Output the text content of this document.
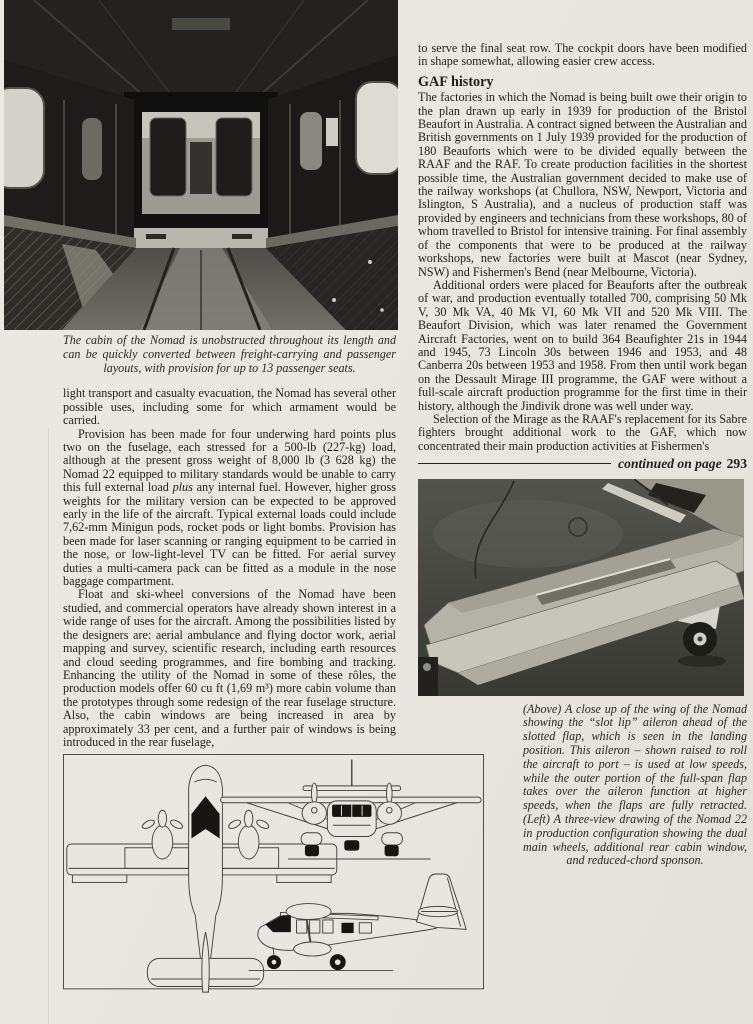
The cabin of the Nomad is unobstructed throughout its length and can be quickly converted between freight-carrying and passenger layouts, with provision for up to 13 passenger seats.

light transport and casualty evacuation, the Nomad has several other possible uses, including some for which armament would be carried.

Provision has been made for four underwing hard points plus two on the fuselage, each stressed for a 500-lb (227-kg) load, although at the present gross weight of 8,000 lb (3 628 kg) the Nomad 22 equipped to military standards would be unable to carry this full external load plus any internal fuel. However, higher gross weights for the military version can be expected to be approved early in the life of the aircraft. Typical external loads could include 7,62-mm Minigun pods, rocket pods or light bombs. Provision has been made for laser scanning or ranging equipment to be carried in the nose, or low-light-level TV can be fitted. For aerial survey duties a multi-camera pack can be fitted as a module in the nose baggage compartment.

Float and ski-wheel conversions of the Nomad have been studied, and commercial operators have already shown interest in a wide range of uses for the aircraft. Among the possibilities listed by the designers are: aerial ambulance and flying doctor work, aerial mapping and survey, scientific research, including earth resources and cloud seeding programmes, and fire bombing and tracking. Enhancing the utility of the Nomad in some of these rôles, the production models offer 60 cu ft (1,69 m³) more cabin volume than the prototypes through some redesign of the rear fuselage structure. Also, the cabin windows are being increased in area by approximately 33 per cent, and a further pair of windows is being introduced in the rear fuselage,

to serve the final seat row. The cockpit doors have been modified in shape somewhat, allowing easier crew access.

GAF history

The factories in which the Nomad is being built owe their origin to the plan drawn up early in 1939 for production of the Bristol Beaufort in Australia. A contract signed between the Australian and British governments on 1 July 1939 provided for the production of 180 Beauforts which were to be divided equally between the RAAF and the RAF. To create production facilities in the shortest possible time, the Australian government decided to make use of the railway workshops (at Chullora, NSW, Newport, Victoria and Islington, S Australia), and a nucleus of production staff was provided by engineers and technicians from these workshops, 80 of whom travelled to Bristol for intensive training. For final assembly of the components that were to be produced at the railway workshops, new factories were built at Mascot (near Sydney, NSW) and Fishermen's Bend (near Melbourne, Victoria).

Additional orders were placed for Beauforts after the outbreak of war, and production eventually totalled 700, comprising 50 Mk V, 30 Mk VA, 40 Mk VI, 60 Mk VII and 520 Mk VIII. The Beaufort Division, which was later renamed the Government Aircraft Factories, went on to build 364 Beaufighter 21s in 1944 and 1945, 73 Lincoln 30s between 1946 and 1953, and 48 Canberra 20s between 1953 and 1958. From then until work began on the Dessault Mirage III programme, the GAF were without a full-scale aircraft production programme for the first time in their history, although the Jindivik drone was well under way.

Selection of the Mirage as the RAAF's replacement for its Sabre fighters brought additional work to the GAF, which now concentrated their main production activities at Fishermen's

continued on page 293
(Above) A close up of the wing of the Nomad showing the “slot lip” aileron ahead of the slotted flap, which is seen in the landing position. This aileron – shown raised to roll the aircraft to port – is used at low speeds, while the outer portion of the full-span flap takes over the aileron function at higher speeds, when the flaps are fully retracted. (Left) A three-view drawing of the Nomad 22 in production configuration showing the dual main wheels, additional rear cabin window, and reduced-chord sponson.
